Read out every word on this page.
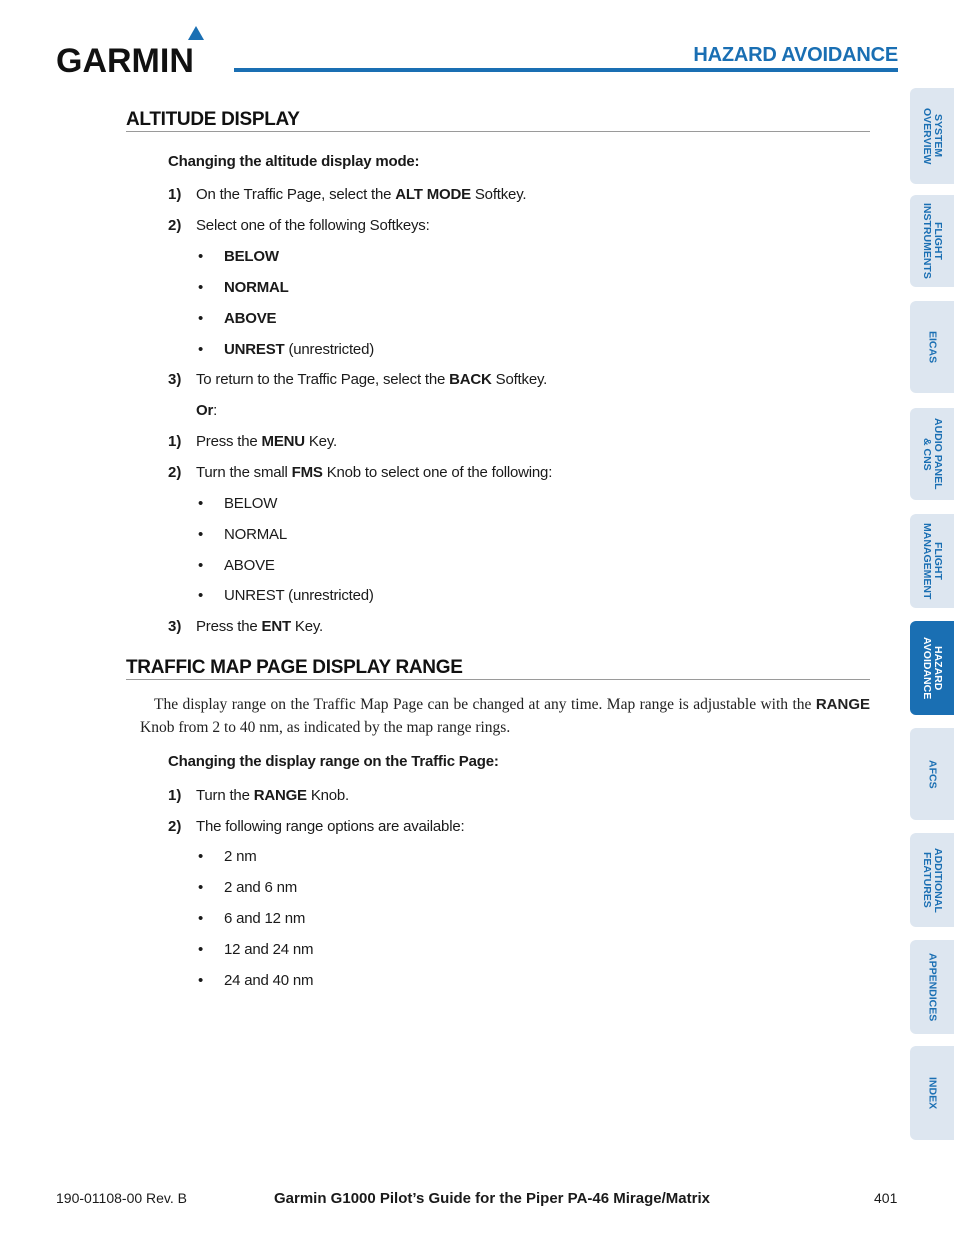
GARMIN	HAZARD AVOIDANCE
ALTITUDE DISPLAY
Changing the altitude display mode:
1) On the Traffic Page, select the ALT MODE Softkey.
2) Select one of the following Softkeys:
• BELOW
• NORMAL
• ABOVE
• UNREST (unrestricted)
3) To return to the Traffic Page, select the BACK Softkey.
Or:
1) Press the MENU Key.
2) Turn the small FMS Knob to select one of the following:
• BELOW
• NORMAL
• ABOVE
• UNREST (unrestricted)
3) Press the ENT Key.
TRAFFIC MAP PAGE DISPLAY RANGE
The display range on the Traffic Map Page can be changed at any time. Map range is adjustable with the RANGE Knob from 2 to 40 nm, as indicated by the map range rings.
Changing the display range on the Traffic Page:
1) Turn the RANGE Knob.
2) The following range options are available:
• 2 nm
• 2 and 6 nm
• 6 and 12 nm
• 12 and 24 nm
• 24 and 40 nm
SYSTEM
OVERVIEW
FLIGHT
INSTRUMENTS
EICAS
AUDIO PANEL
& CNS
FLIGHT
MANAGEMENT
HAZARD
AVOIDANCE
AFCS
ADDITIONAL
FEATURES
APPENDICES
INDEX
190-01108-00 Rev. B	Garmin G1000 Pilot’s Guide for the Piper PA-46 Mirage/Matrix	401
